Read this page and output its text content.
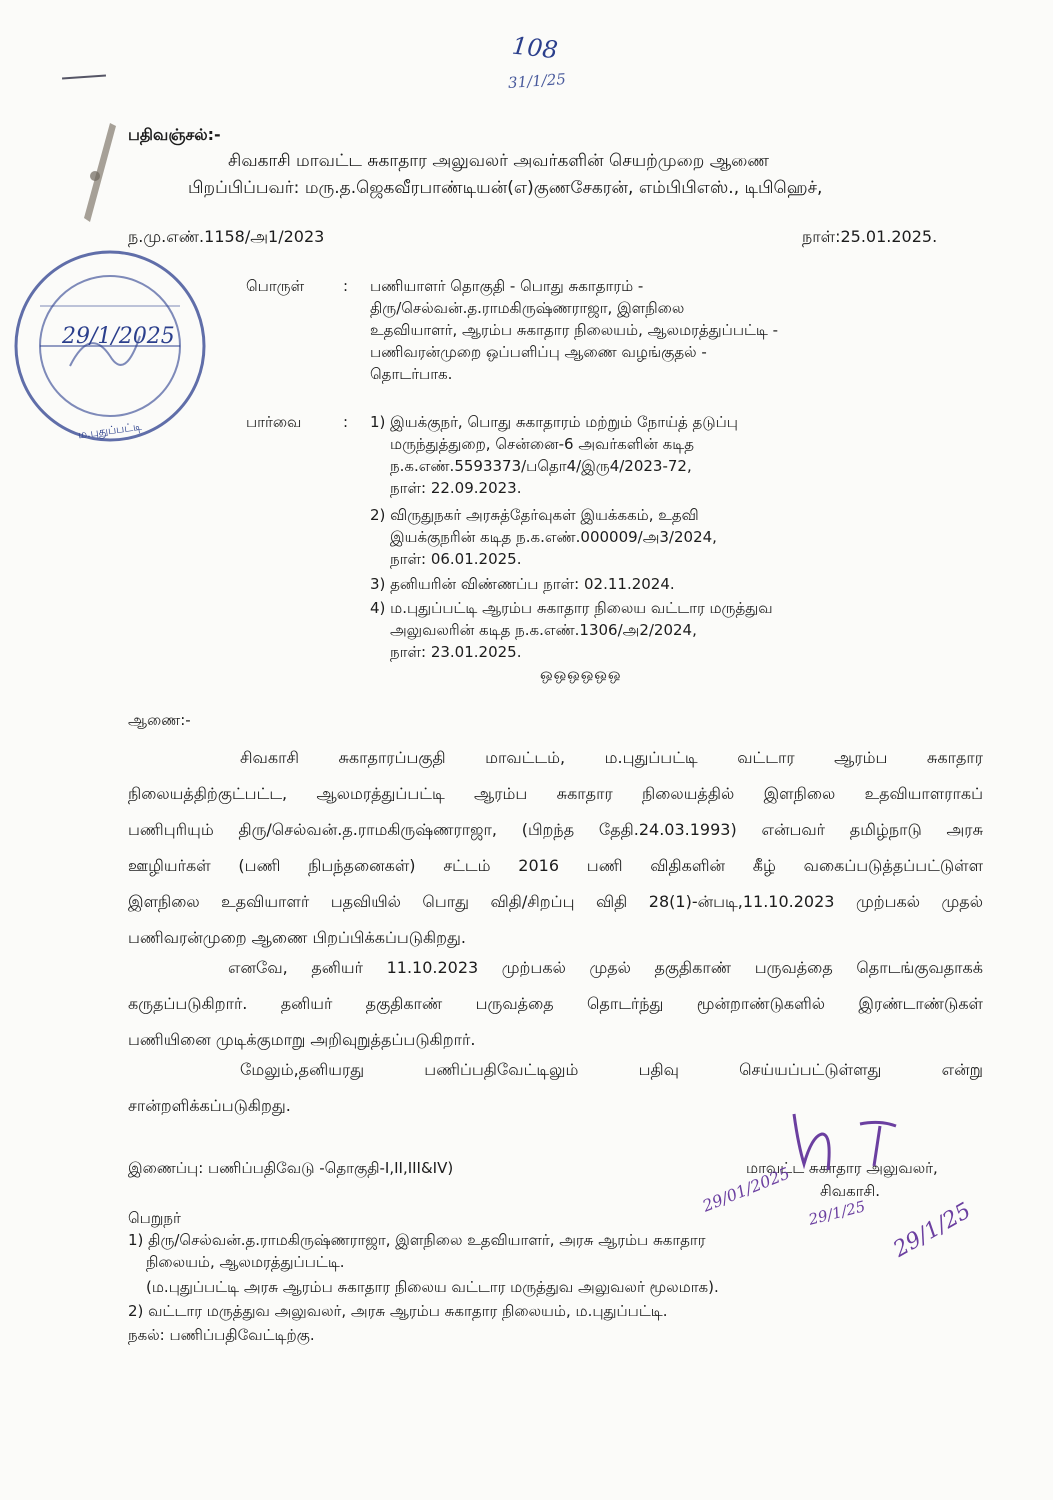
108
31/1/25
பதிவஞ்சல்:-
சிவகாசி மாவட்ட சுகாதார அலுவலர் அவர்களின் செயற்முறை ஆணை
பிறப்பிப்பவர்: மரு.த.ஜெகவீரபாண்டியன்(எ)குணசேகரன், எம்பிபிஎஸ்., டிபிஹெச்,
ந.மு.எண்.1158/அ1/2023	நாள்:25.01.2025.
29/1/2025
ம.புதுப்பட்டி
பொருள்	: பணியாளர் தொகுதி - பொது சுகாதாரம் -
திரு/செல்வன்.த.ராமகிருஷ்ணராஜா, இளநிலை
உதவியாளர், ஆரம்ப சுகாதார நிலையம், ஆலமரத்துப்பட்டி -
பணிவரன்முறை ஒப்பளிப்பு ஆணை வழங்குதல் -
தொடர்பாக.
பார்வை	: 1) இயக்குநர், பொது சுகாதாரம் மற்றும் நோய்த் தடுப்பு
மருந்துத்துறை, சென்னை-6 அவர்களின் கடித
ந.க.எண்.5593373/பதொ4/இரு4/2023-72,
நாள்: 22.09.2023.
2) விருதுநகர் அரசுத்தேர்வுகள் இயக்ககம், உதவி
இயக்குநரின் கடித ந.க.எண்.000009/அ3/2024,
நாள்: 06.01.2025.
3) தனியரின் விண்ணப்ப நாள்: 02.11.2024.
4) ம.புதுப்பட்டி ஆரம்ப சுகாதார நிலைய வட்டார மருத்துவ
அலுவலரின் கடித ந.க.எண்.1306/அ2/2024,
நாள்: 23.01.2025.
ஒஒஒஒஒஒ
ஆணை:-
சிவகாசி சுகாதாரப்பகுதி மாவட்டம், ம.புதுப்பட்டி வட்டார ஆரம்ப சுகாதார
நிலையத்திற்குட்பட்ட, ஆலமரத்துப்பட்டி ஆரம்ப சுகாதார நிலையத்தில் இளநிலை உதவியாளராகப்
பணிபுரியும் திரு/செல்வன்.த.ராமகிருஷ்ணராஜா, (பிறந்த தேதி.24.03.1993) என்பவர் தமிழ்நாடு அரசு
ஊழியர்கள் (பணி நிபந்தனைகள்) சட்டம் 2016 பணி விதிகளின் கீழ் வகைப்படுத்தப்பட்டுள்ள
இளநிலை உதவியாளர் பதவியில் பொது விதி/சிறப்பு விதி 28(1)-ன்படி,11.10.2023 முற்பகல் முதல்
பணிவரன்முறை ஆணை பிறப்பிக்கப்படுகிறது.
எனவே, தனியர் 11.10.2023 முற்பகல் முதல் தகுதிகாண் பருவத்தை தொடங்குவதாகக்
கருதப்படுகிறார். தனியர் தகுதிகாண் பருவத்தை தொடர்ந்து மூன்றாண்டுகளில் இரண்டாண்டுகள்
பணியினை முடிக்குமாறு அறிவுறுத்தப்படுகிறார்.
மேலும்,தனியரது பணிப்பதிவேட்டிலும் பதிவு செய்யப்பட்டுள்ளது என்று
சான்றளிக்கப்படுகிறது.
இணைப்பு: பணிப்பதிவேடு -தொகுதி-I,II,III&IV)	மாவட்ட சுகாதார அலுவலர்,
சிவகாசி.
29/01/2025 29/1/25 29/1/25
பெறுநர்
1) திரு/செல்வன்.த.ராமகிருஷ்ணராஜா, இளநிலை உதவியாளர், அரசு ஆரம்ப சுகாதார
நிலையம், ஆலமரத்துப்பட்டி.
(ம.புதுப்பட்டி அரசு ஆரம்ப சுகாதார நிலைய வட்டார மருத்துவ அலுவலர் மூலமாக).
2) வட்டார மருத்துவ அலுவலர், அரசு ஆரம்ப சுகாதார நிலையம், ம.புதுப்பட்டி.
நகல்: பணிப்பதிவேட்டிற்கு.
